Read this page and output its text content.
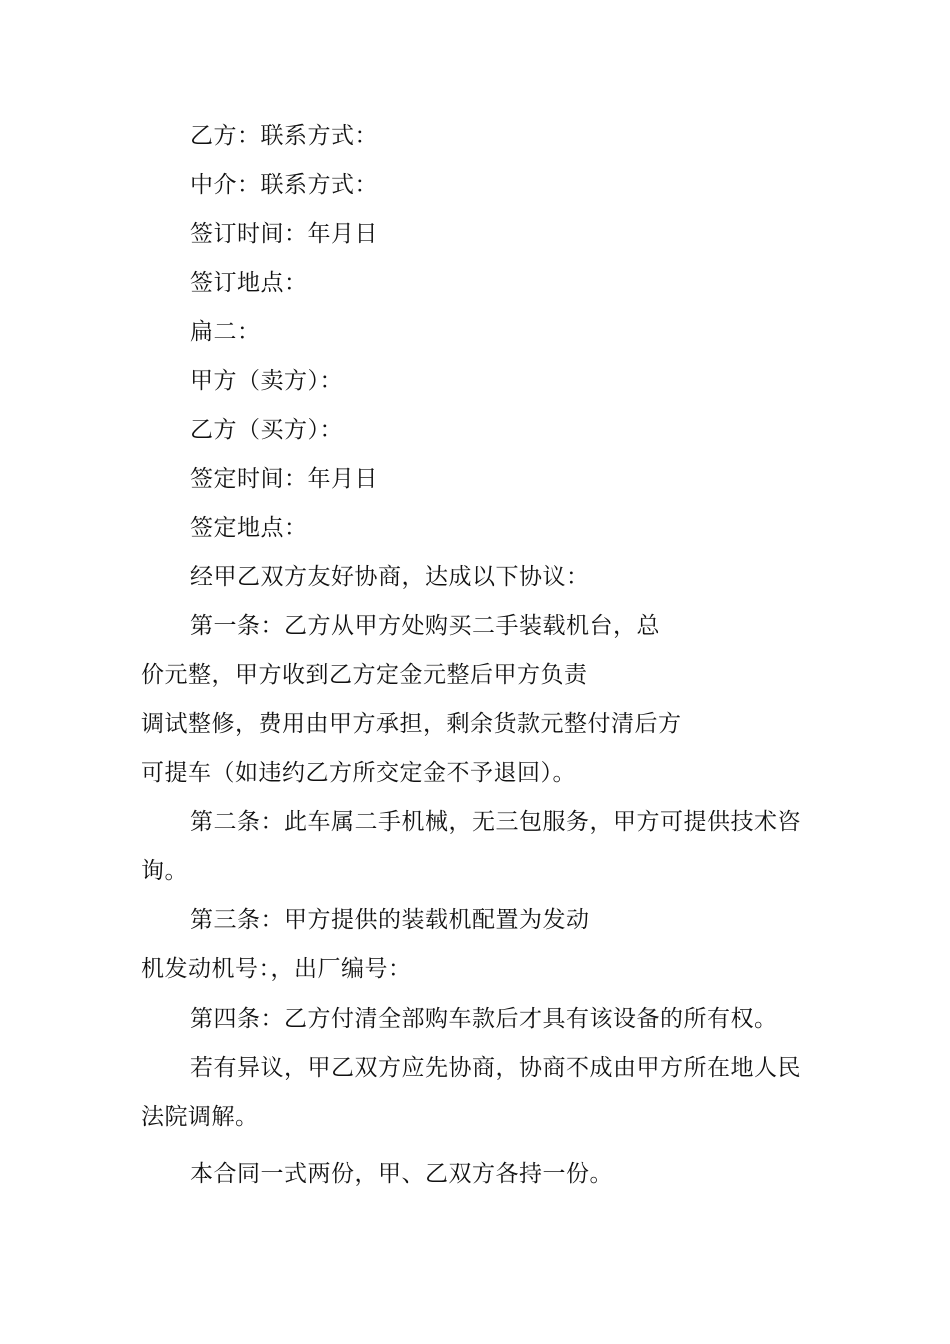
乙方：联系方式：

中介：联系方式：

签订时间：年月日

签订地点：

扁二：

甲方（卖方）：

乙方（买方）：

签定时间：年月日

签定地点：

经甲乙双方友好协商，达成以下协议：

第一条：乙方从甲方处购买二手装载机台，总

价元整，甲方收到乙方定金元整后甲方负责

调试整修，费用由甲方承担，剩余货款元整付清后方

可提车（如违约乙方所交定金不予退回）。

第二条：此车属二手机械，无三包服务，甲方可提供技术咨

询。

第三条：甲方提供的装载机配置为发动

机发动机号：，出厂编号：

第四条：乙方付清全部购车款后才具有该设备的所有权。

若有异议，甲乙双方应先协商，协商不成由甲方所在地人民

法院调解。

本合同一式两份，甲、乙双方各持一份。
